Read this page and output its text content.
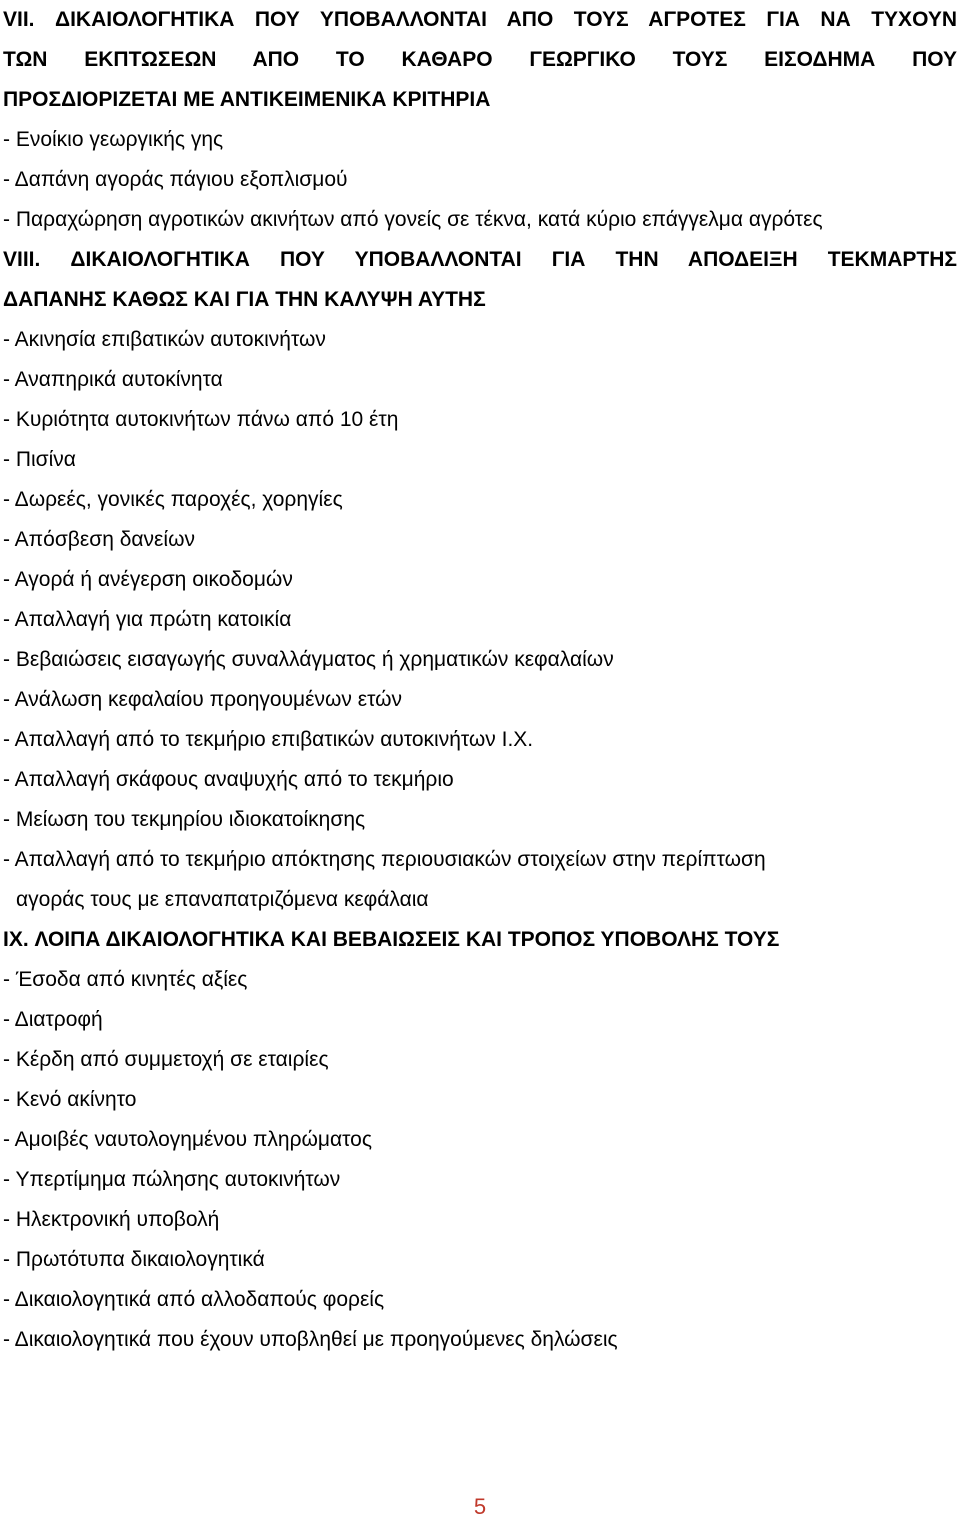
VII. ΔΙΚΑΙΟΛΟΓΗΤΙΚΑ ΠΟΥ ΥΠΟΒΑΛΛΟΝΤΑΙ ΑΠΟ ΤΟΥΣ ΑΓΡΟΤΕΣ ΓΙΑ ΝΑ ΤΥΧΟΥΝ
ΤΩΝ ΕΚΠΤΩΣΕΩΝ ΑΠΟ ΤΟ ΚΑΘΑΡΟ ΓΕΩΡΓΙΚΟ ΤΟΥΣ ΕΙΣΟΔΗΜΑ ΠΟΥ
ΠΡΟΣΔΙΟΡΙΖΕΤΑΙ ΜΕ ΑΝΤΙΚΕΙΜΕΝΙΚΑ ΚΡΙΤΗΡΙΑ

- Ενοίκιο γεωργικής γης

- Δαπάνη αγοράς πάγιου εξοπλισμού

- Παραχώρηση αγροτικών ακινήτων από γονείς σε τέκνα, κατά κύριο επάγγελμα αγρότες

VIII. ΔΙΚΑΙΟΛΟΓΗΤΙΚΑ ΠΟΥ ΥΠΟΒΑΛΛΟΝΤΑΙ ΓΙΑ ΤΗΝ ΑΠΟΔΕΙΞΗ ΤΕΚΜΑΡΤΗΣ
ΔΑΠΑΝΗΣ ΚΑΘΩΣ ΚΑΙ ΓΙΑ ΤΗΝ ΚΑΛΥΨΗ ΑΥΤΗΣ

- Ακινησία επιβατικών αυτοκινήτων

- Αναπηρικά αυτοκίνητα

- Κυριότητα αυτοκινήτων πάνω από 10 έτη

- Πισίνα

- Δωρεές, γονικές παροχές, χορηγίες

- Απόσβεση δανείων

- Αγορά ή ανέγερση οικοδομών

- Απαλλαγή για πρώτη κατοικία

- Βεβαιώσεις εισαγωγής συναλλάγματος ή χρηματικών κεφαλαίων

- Ανάλωση κεφαλαίου προηγουμένων ετών

- Απαλλαγή από το τεκμήριο επιβατικών αυτοκινήτων Ι.Χ.

- Απαλλαγή σκάφους αναψυχής από το τεκμήριο

- Μείωση του τεκμηρίου ιδιοκατοίκησης

- Απαλλαγή από το τεκμήριο απόκτησης περιουσιακών στοιχείων στην περίπτωση
αγοράς τους με επαναπατριζόμενα κεφάλαια

IX. ΛΟΙΠΑ ΔΙΚΑΙΟΛΟΓΗΤΙΚΑ ΚΑΙ ΒΕΒΑΙΩΣΕΙΣ ΚΑΙ ΤΡΟΠΟΣ ΥΠΟΒΟΛΗΣ ΤΟΥΣ

- Έσοδα από κινητές αξίες

- Διατροφή

- Κέρδη από συμμετοχή σε εταιρίες

- Κενό ακίνητο

- Αμοιβές ναυτολογημένου πληρώματος

- Υπερτίμημα πώλησης αυτοκινήτων

- Ηλεκτρονική υποβολή

- Πρωτότυπα δικαιολογητικά

- Δικαιολογητικά από αλλοδαπούς φορείς

- Δικαιολογητικά που έχουν υποβληθεί με προηγούμενες δηλώσεις

5
